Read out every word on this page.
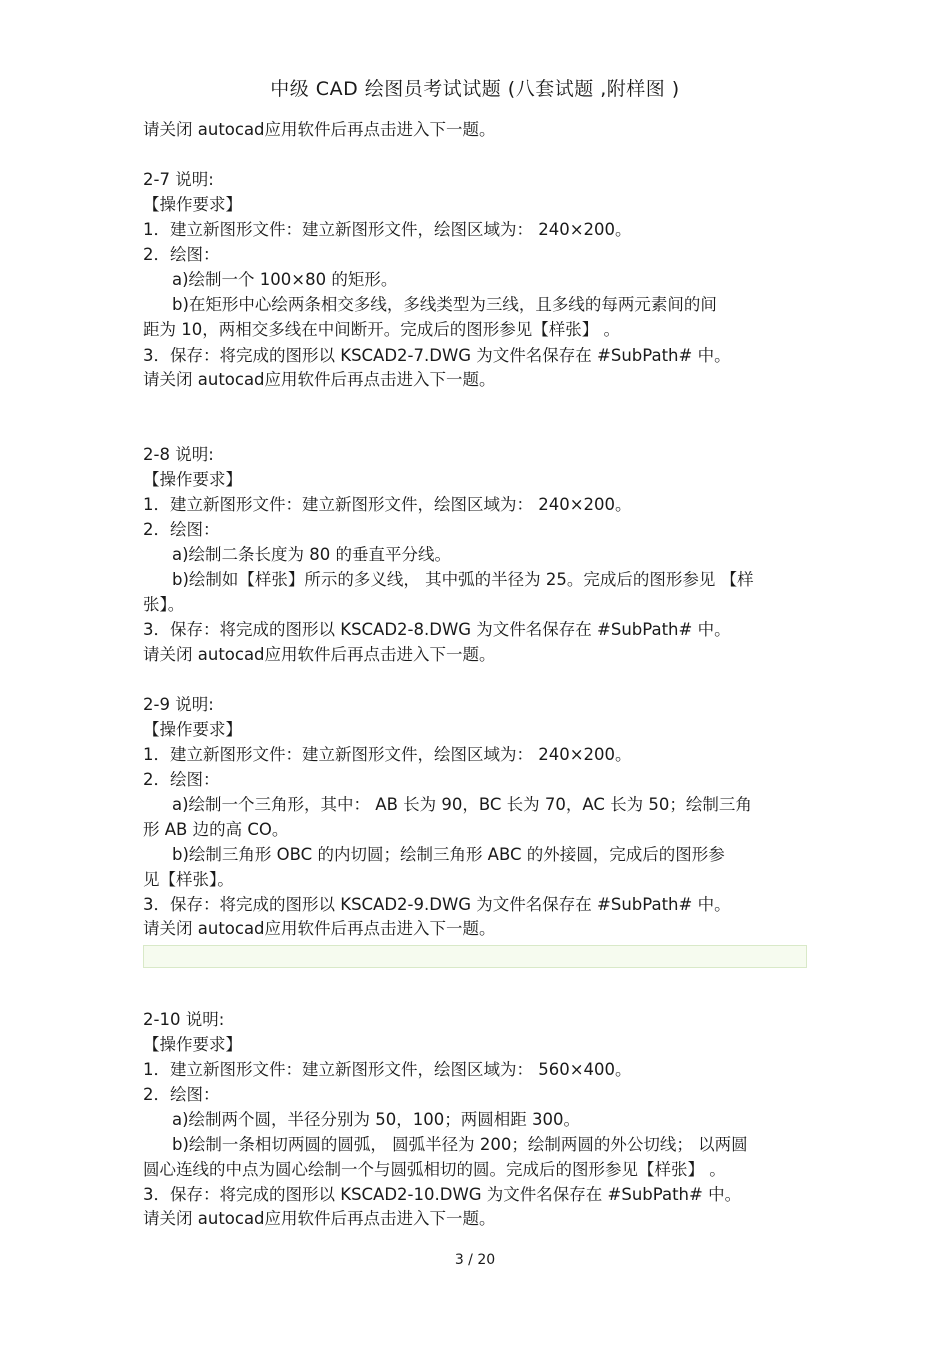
中级 CAD 绘图员考试试题 (八套试题 ,附样图 )
请关闭 autocad应用软件后再点击进入下一题。
2-7 说明:
【操作要求】
1．建立新图形文件：建立新图形文件，绘图区域为： 240×200。
2．绘图：
a)绘制一个 100×80 的矩形。
b)在矩形中心绘两条相交多线，多线类型为三线，且多线的每两元素间的间
距为 10，两相交多线在中间断开。完成后的图形参见【样张】 。
3．保存：将完成的图形以 KSCAD2-7.DWG 为文件名保存在 #SubPath# 中。
请关闭 autocad应用软件后再点击进入下一题。
2-8 说明:
【操作要求】
1．建立新图形文件：建立新图形文件，绘图区域为： 240×200。
2．绘图：
a)绘制二条长度为 80 的垂直平分线。
b)绘制如【样张】所示的多义线， 其中弧的半径为 25。完成后的图形参见 【样
张】。
3．保存：将完成的图形以 KSCAD2-8.DWG 为文件名保存在 #SubPath# 中。
请关闭 autocad应用软件后再点击进入下一题。
2-9 说明:
【操作要求】
1．建立新图形文件：建立新图形文件，绘图区域为： 240×200。
2．绘图：
a)绘制一个三角形，其中： AB 长为 90，BC 长为 70，AC 长为 50；绘制三角
形 AB 边的高 CO。
b)绘制三角形 OBC 的内切圆；绘制三角形 ABC 的外接圆，完成后的图形参
见【样张】。
3．保存：将完成的图形以 KSCAD2-9.DWG 为文件名保存在 #SubPath# 中。
请关闭 autocad应用软件后再点击进入下一题。
2-10 说明:
【操作要求】
1．建立新图形文件：建立新图形文件，绘图区域为： 560×400。
2．绘图：
a)绘制两个圆，半径分别为 50，100；两圆相距 300。
b)绘制一条相切两圆的圆弧， 圆弧半径为 200；绘制两圆的外公切线； 以两圆
圆心连线的中点为圆心绘制一个与圆弧相切的圆。完成后的图形参见【样张】 。
3．保存：将完成的图形以 KSCAD2-10.DWG 为文件名保存在 #SubPath# 中。
请关闭 autocad应用软件后再点击进入下一题。
3 / 20
